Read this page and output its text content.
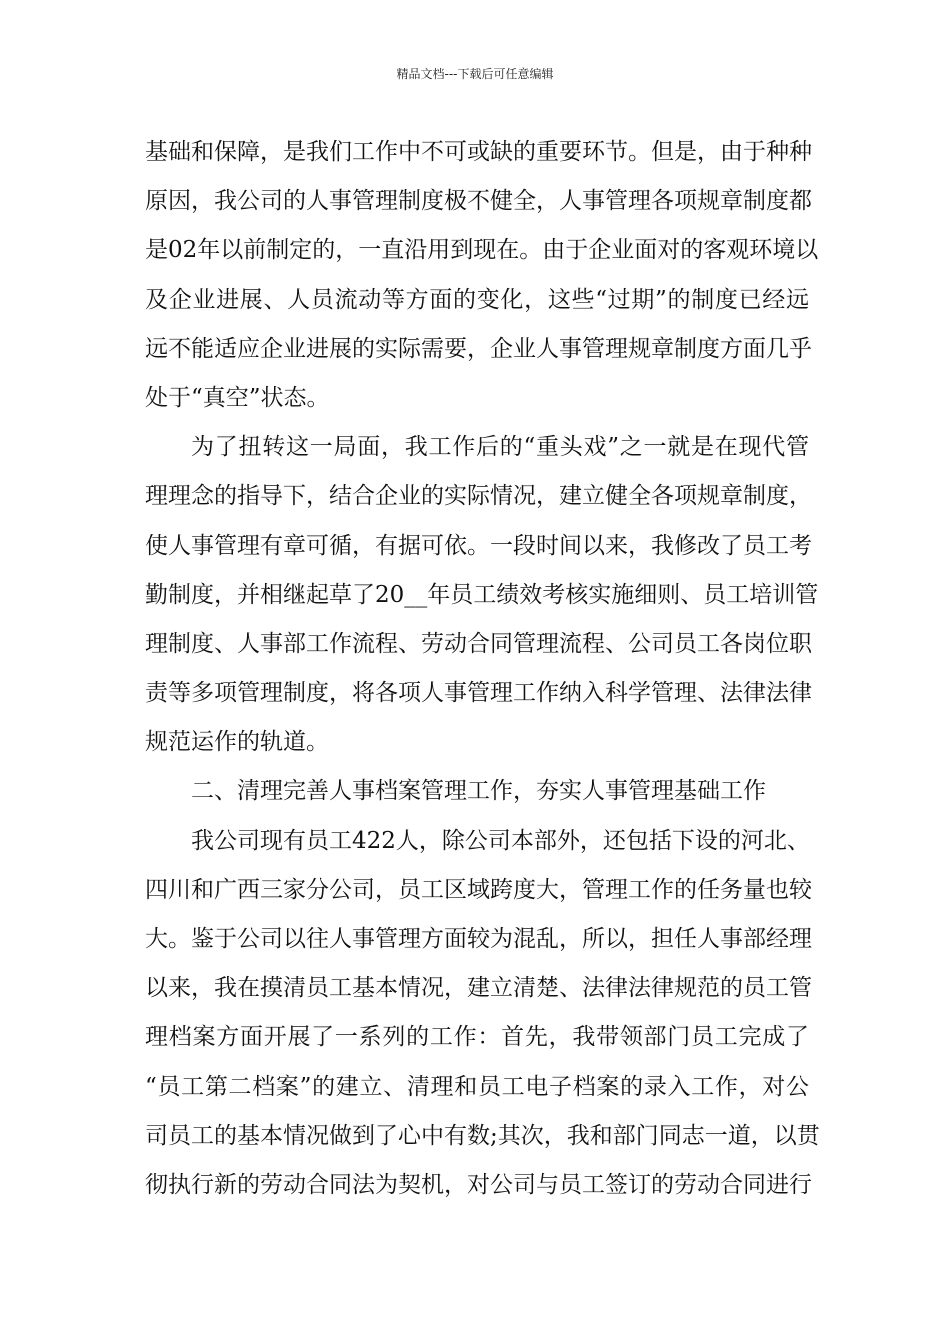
精品文档---下载后可任意编辑
基础和保障，是我们工作中不可或缺的重要环节。但是，由于种种
原因，我公司的人事管理制度极不健全，人事管理各项规章制度都
是02年以前制定的，一直沿用到现在。由于企业面对的客观环境以
及企业进展、人员流动等方面的变化，这些“过期”的制度已经远
远不能适应企业进展的实际需要，企业人事管理规章制度方面几乎
处于“真空”状态。
为了扭转这一局面，我工作后的“重头戏”之一就是在现代管
理理念的指导下，结合企业的实际情况，建立健全各项规章制度，
使人事管理有章可循，有据可依。一段时间以来，我修改了员工考
勤制度，并相继起草了20__年员工绩效考核实施细则、员工培训管
理制度、人事部工作流程、劳动合同管理流程、公司员工各岗位职
责等多项管理制度，将各项人事管理工作纳入科学管理、法律法律
规范运作的轨道。
二、清理完善人事档案管理工作，夯实人事管理基础工作
我公司现有员工422人，除公司本部外，还包括下设的河北、
四川和广西三家分公司，员工区域跨度大，管理工作的任务量也较
大。鉴于公司以往人事管理方面较为混乱，所以，担任人事部经理
以来，我在摸清员工基本情况，建立清楚、法律法律规范的员工管
理档案方面开展了一系列的工作：首先，我带领部门员工完成了
“员工第二档案”的建立、清理和员工电子档案的录入工作，对公
司员工的基本情况做到了心中有数;其次，我和部门同志一道，以贯
彻执行新的劳动合同法为契机，对公司与员工签订的劳动合同进行
